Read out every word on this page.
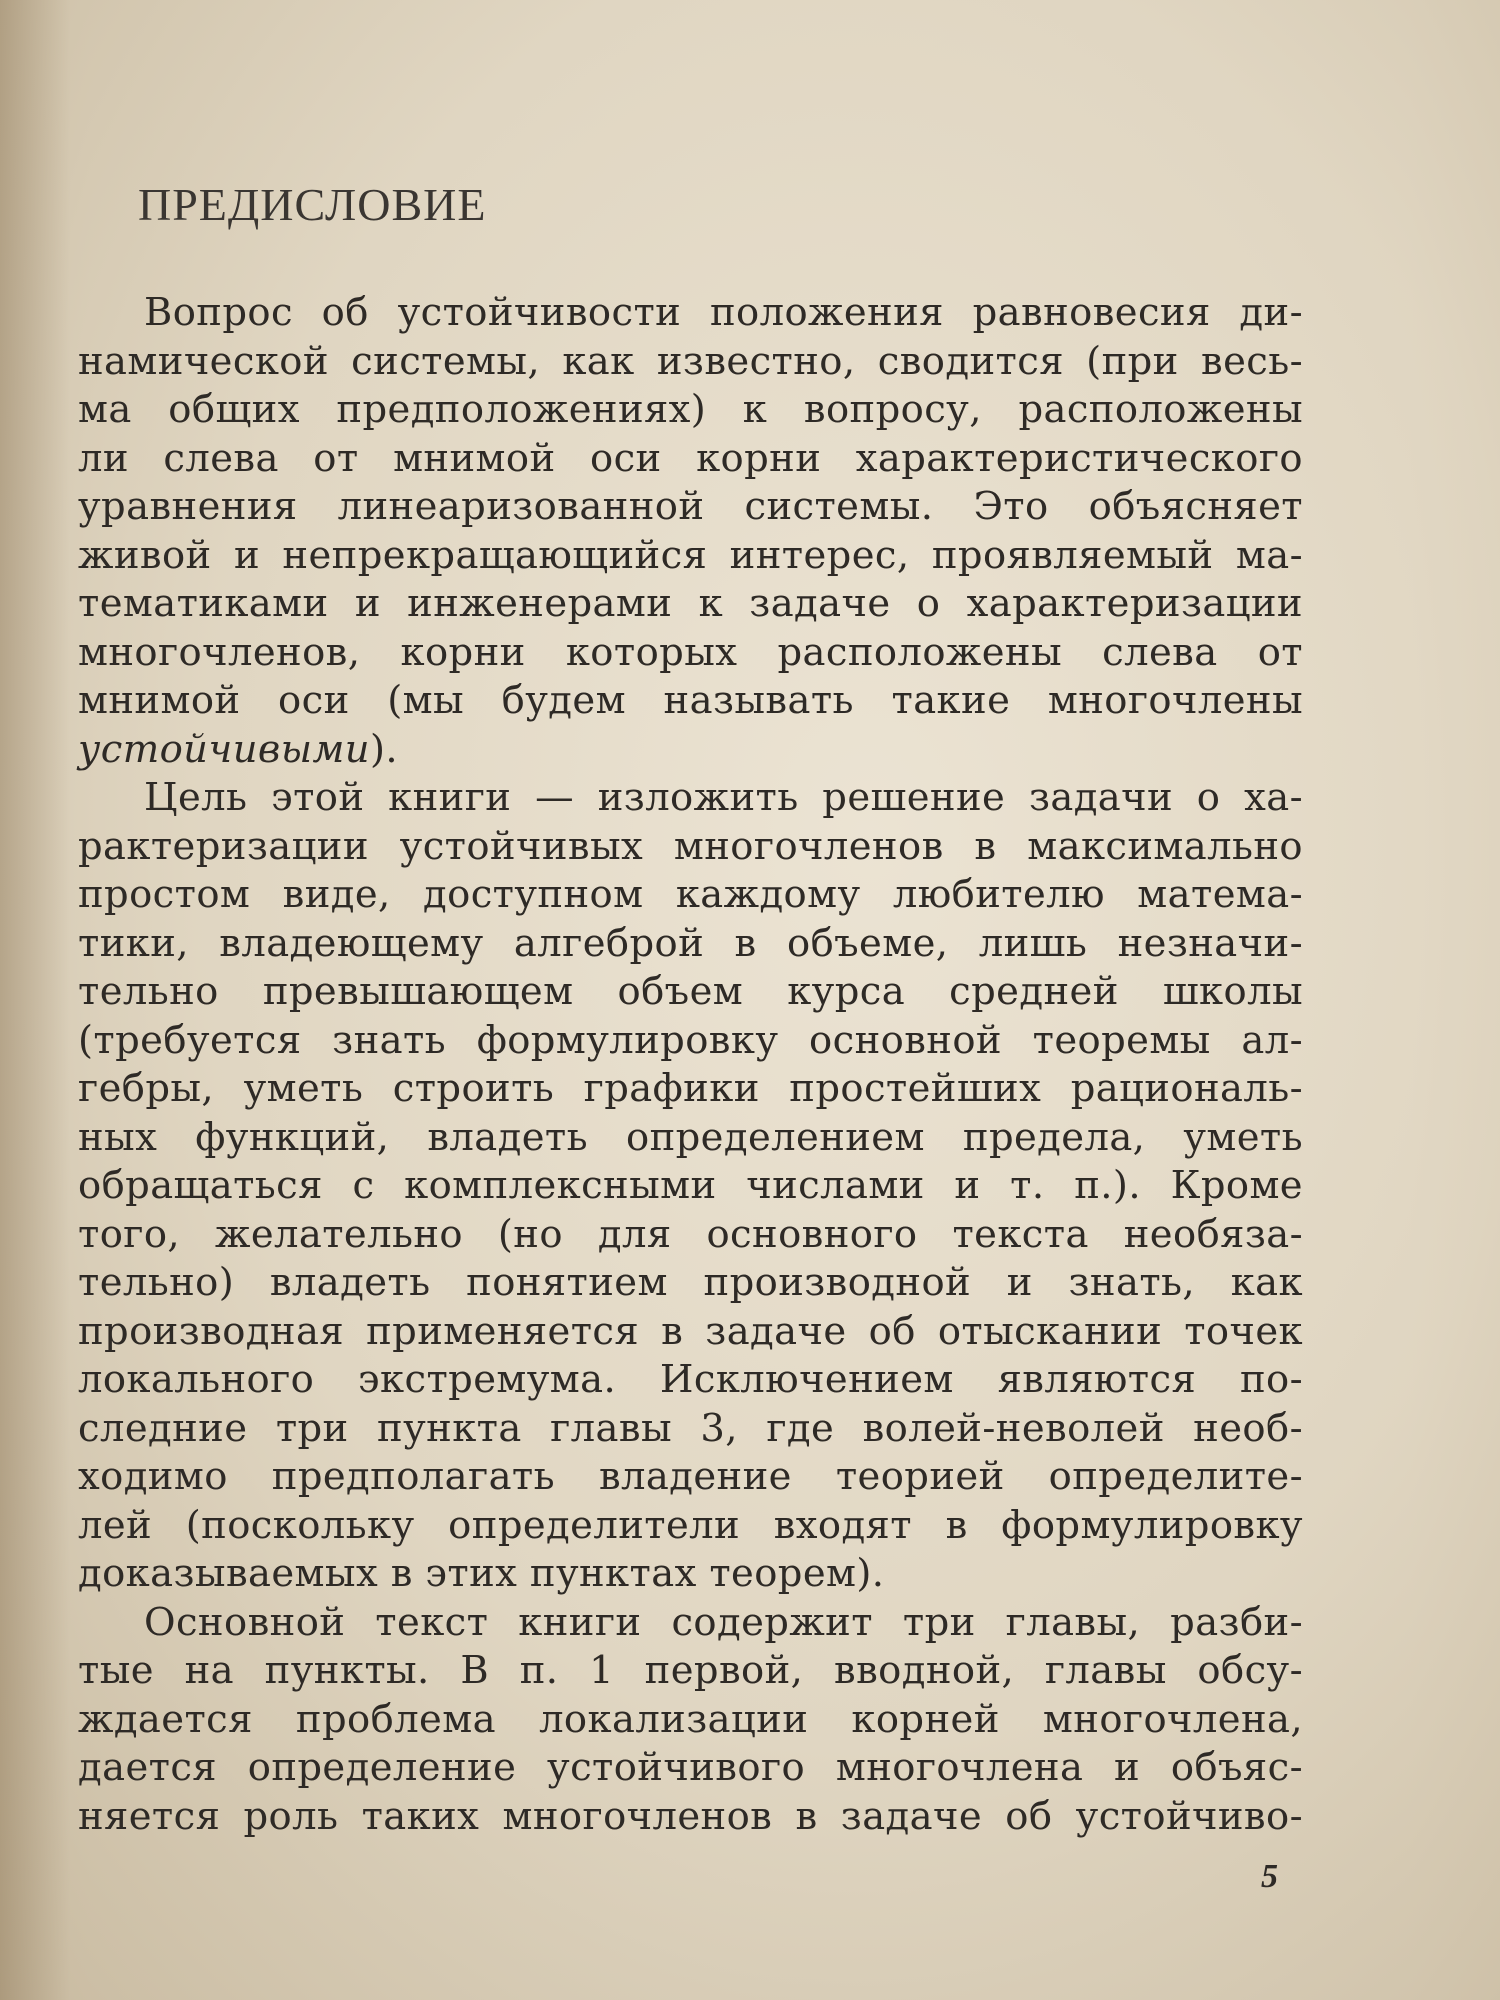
ПРЕДИСЛОВИЕ
Вопрос об устойчивости положения равновесия ди-
намической системы, как известно, сводится (при весь-
ма общих предположениях) к вопросу, расположены
ли слева от мнимой оси корни характеристического
уравнения линеаризованной системы. Это объясняет
живой и непрекращающийся интерес, проявляемый ма-
тематиками и инженерами к задаче о характеризации
многочленов, корни которых расположены слева от
мнимой оси (мы будем называть такие многочлены
устойчивыми).
Цель этой книги — изложить решение задачи о ха-
рактеризации устойчивых многочленов в максимально
простом виде, доступном каждому любителю матема-
тики, владеющему алгеброй в объеме, лишь незначи-
тельно превышающем объем курса средней школы
(требуется знать формулировку основной теоремы ал-
гебры, уметь строить графики простейших рациональ-
ных функций, владеть определением предела, уметь
обращаться с комплексными числами и т. п.). Кроме
того, желательно (но для основного текста необяза-
тельно) владеть понятием производной и знать, как
производная применяется в задаче об отыскании точек
локального экстремума. Исключением являются по-
следние три пункта главы 3, где волей-неволей необ-
ходимо предполагать владение теорией определите-
лей (поскольку определители входят в формулировку
доказываемых в этих пунктах теорем).
Основной текст книги содержит три главы, разби-
тые на пункты. В п. 1 первой, вводной, главы обсу-
ждается проблема локализации корней многочлена,
дается определение устойчивого многочлена и объяс-
няется роль таких многочленов в задаче об устойчиво-
5
